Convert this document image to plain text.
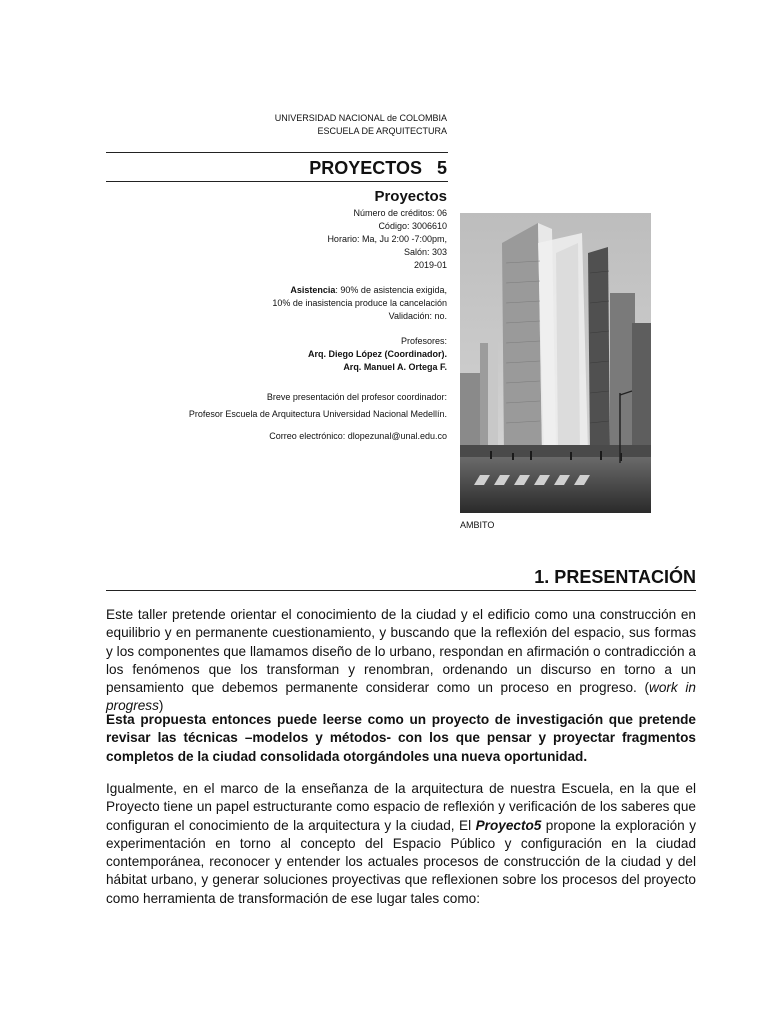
UNIVERSIDAD NACIONAL de COLOMBIA
ESCUELA DE ARQUITECTURA
PROYECTOS   5
Proyectos
Número de créditos: 06
Código: 3006610
Horario: Ma, Ju 2:00 -7:00pm,
Salón: 303
2019-01
Asistencia: 90% de asistencia exigida,
10% de inasistencia produce la cancelación
Validación: no.
Profesores:
Arq. Diego López (Coordinador).
Arq. Manuel A. Ortega F.
Breve presentación del profesor coordinador:
Profesor Escuela de Arquitectura Universidad Nacional Medellín.
Correo electrónico: dlopezunal@unal.edu.co
AMBITO
1. PRESENTACIÓN
Este taller pretende orientar el conocimiento de la ciudad y el edificio como una construcción en equilibrio y en permanente cuestionamiento, y buscando que la reflexión del espacio, sus formas y los componentes que llamamos diseño de lo urbano, respondan en afirmación o contradicción a los fenómenos que los transforman y renombran, ordenando un discurso en torno a un pensamiento que debemos permanente considerar como un proceso en progreso. (work in progress)
Esta propuesta entonces puede leerse como un proyecto de investigación que pretende revisar las técnicas –modelos y métodos- con los que pensar y proyectar fragmentos completos de la ciudad consolidada otorgándoles una nueva oportunidad.
Igualmente, en el marco de la enseñanza de la arquitectura de nuestra Escuela, en la que el Proyecto tiene un papel estructurante como espacio de reflexión y verificación de los saberes que configuran el conocimiento de la arquitectura y la ciudad, El Proyecto5 propone la exploración y experimentación en torno al concepto del Espacio Público y configuración en la ciudad contemporánea, reconocer y entender los actuales procesos de construcción de la ciudad y del hábitat urbano, y generar soluciones proyectivas que reflexionen sobre los procesos del proyecto como herramienta de transformación de ese lugar tales como:
